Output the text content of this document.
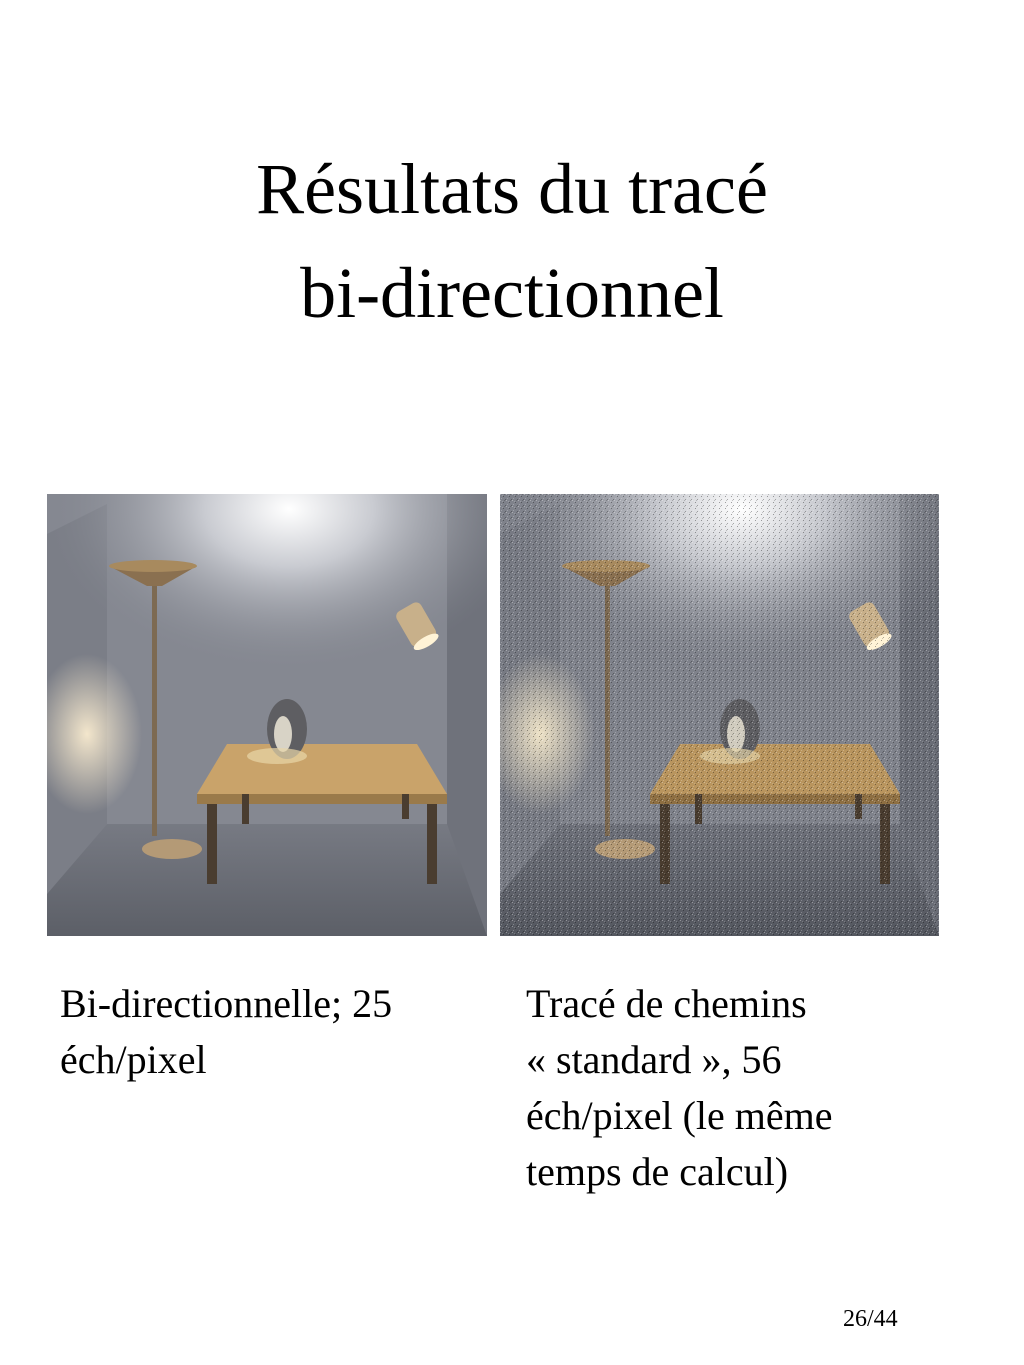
Résultats du tracé
bi-directionnel
Bi-directionnelle; 25
éch/pixel
Tracé de chemins
« standard », 56
éch/pixel (le même
temps de calcul)
26/44
